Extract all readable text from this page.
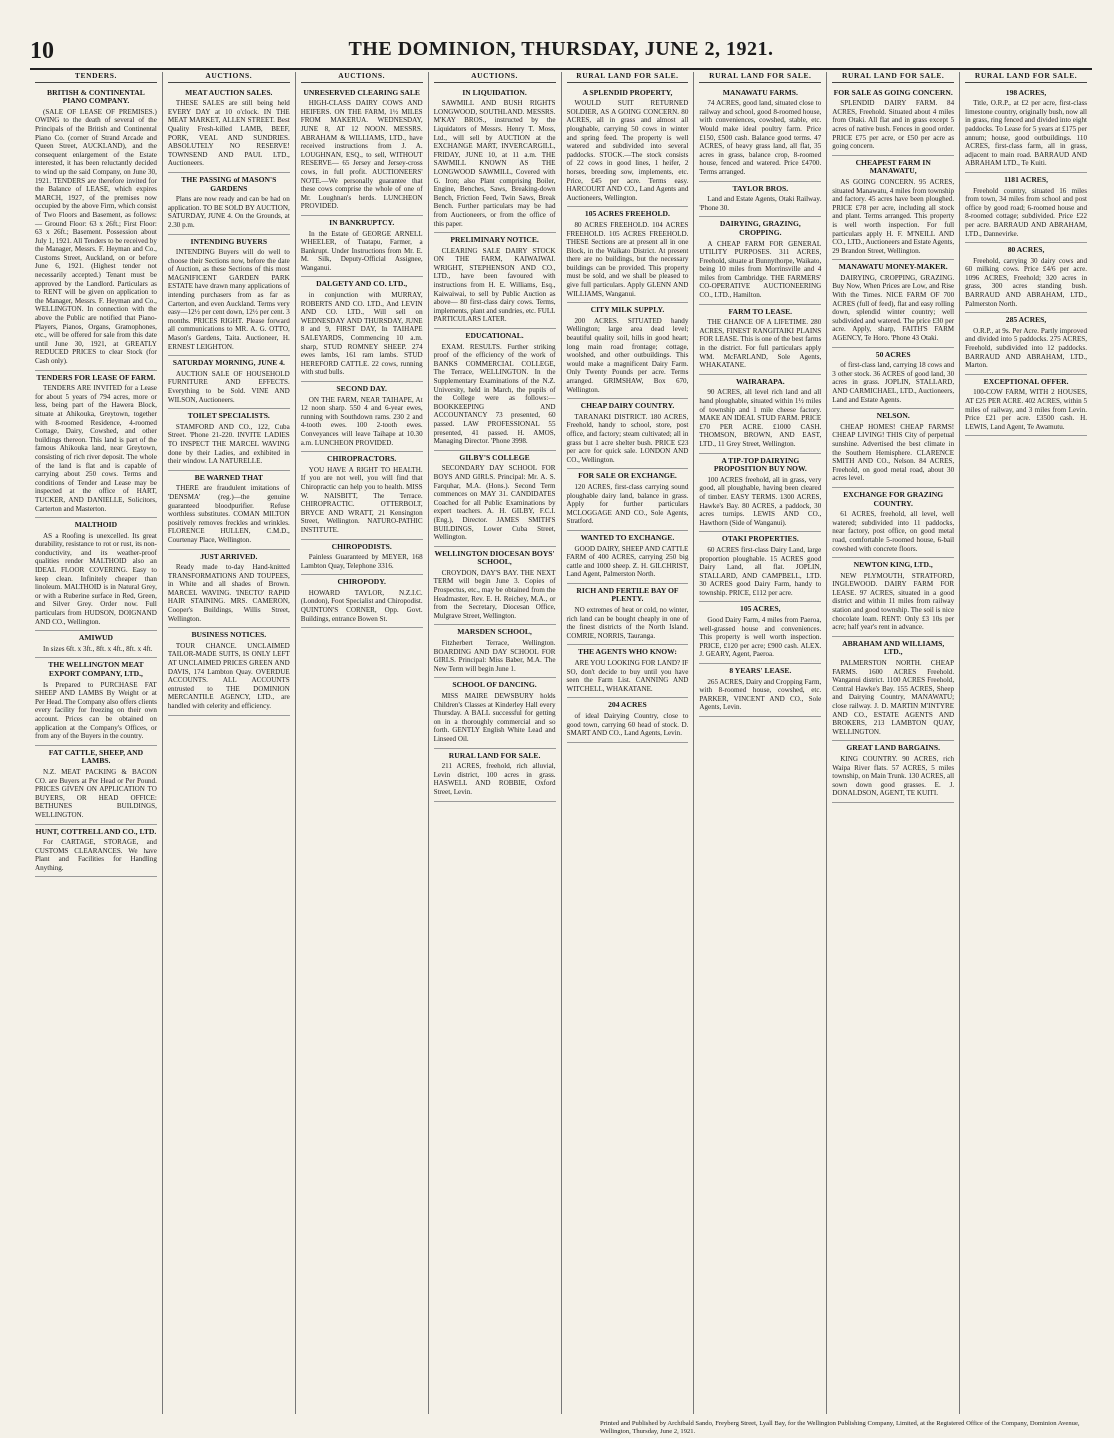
10	THE DOMINION, THURSDAY, JUNE 2, 1921.
TENDERS.
BRITISH & CONTINENTAL PIANO COMPANY.
(SALE OF LEASE OF PREMISES.) OWING to the death of several of the Principals of the British and Continental Piano Co. (corner of Strand Arcade and Queen Street, AUCKLAND), and the consequent enlargement of the Estate interested, it has been reluctantly decided to wind up the said Company, on June 30, 1921. TENDERS are therefore invited for the Balance of LEASE, which expires MARCH, 1927, of the premises now occupied by the above Firm, which consist of Two Floors and Basement, as follows:— Ground Floor: 63 x 26ft.; First Floor: 63 x 26ft.; Basement. Possession about July 1, 1921. All Tenders to be received by the Manager, Messrs. F. Heyman and Co., Customs Street, Auckland, on or before June 6, 1921. (Highest tender not necessarily accepted.) Tenant must be approved by the Landlord. Particulars as to RENT will be given on application to the Manager, Messrs. F. Heyman and Co., WELLINGTON. In connection with the above the Public are notified that Piano-Players, Pianos, Organs, Gramophones, etc., will be offered for sale from this date until June 30, 1921, at GREATLY REDUCED PRICES to clear Stock (for Cash only).
TENDERS FOR LEASE OF FARM.
TENDERS ARE INVITED for a Lease for about 5 years of 794 acres, more or less, being part of the Hawera Block, situate at Ahikouka, Greytown, together with 8-roomed Residence, 4-roomed Cottage, Dairy, Cowshed, and other buildings thereon. This land is part of the famous Ahikouka land, near Greytown, consisting of rich river deposit. The whole of the land is flat and is capable of carrying about 250 cows. Terms and conditions of Tender and Lease may be inspected at the office of HART, TUCKER, AND DANIELLE, Solicitors, Carterton and Masterton.
MALTHOID
AS a Roofing is unexcelled. Its great durability, resistance to rot or rust, its non-conductivity, and its weather-proof qualities render MALTHOID also an IDEAL FLOOR COVERING. Easy to keep clean. Infinitely cheaper than linoleum. MALTHOID is in Natural Grey, or with a Ruberine surface in Red, Green, and Silver Grey. Order now. Full particulars from HUDSON, DOIGNAND AND CO., Wellington.
AMIWUD
In sizes 6ft. x 3ft., 8ft. x 4ft., 8ft. x 4ft.
THE WELLINGTON MEAT EXPORT COMPANY, LTD.,
Is Prepared to PURCHASE FAT SHEEP AND LAMBS By Weight or at Per Head. The Company also offers clients every facility for freezing on their own account. Prices can be obtained on application at the Company's Offices, or from any of the Buyers in the country.
FAT CATTLE, SHEEP, AND LAMBS.
N.Z. MEAT PACKING & BACON CO. are Buyers at Per Head or Per Pound. PRICES GIVEN ON APPLICATION TO BUYERS, OR HEAD OFFICE: BETHUNES BUILDINGS, WELLINGTON.
HUNT, COTTRELL AND CO., LTD.
For CARTAGE, STORAGE, and CUSTOMS CLEARANCES. We have Plant and Facilities for Handling Anything.
AUCTIONS.
MEAT AUCTION SALES.
THESE SALES are still being held EVERY DAY at 10 o'clock. IN THE MEAT MARKET, ALLEN STREET. Best Quality Fresh-killed LAMB, BEEF, PORK, VEAL AND SUNDRIES. ABSOLUTELY NO RESERVE! TOWNSEND AND PAUL LTD., Auctioneers.
THE PASSING of MASON'S GARDENS
Plans are now ready and can be had on application. TO BE SOLD BY AUCTION, SATURDAY, JUNE 4. On the Grounds, at 2.30 p.m.
INTENDING BUYERS
INTENDING Buyers will do well to choose their Sections now, before the date of Auction, as these Sections of this most MAGNIFICENT GARDEN PARK ESTATE have drawn many applications of intending purchasers from as far as Carterton, and even Auckland. Terms very easy—12½ per cent down, 12½ per cent. 3 months. PRICES RIGHT. Please forward all communications to MR. A. G. OTTO, Mason's Gardens, Taita. Auctioneer, H. ERNEST LEIGHTON.
SATURDAY MORNING, JUNE 4.
AUCTION SALE OF HOUSEHOLD FURNITURE AND EFFECTS. Everything to be Sold. VINE AND WILSON, Auctioneers.
TOILET SPECIALISTS.
STAMFORD AND CO., 122, Cuba Street. 'Phone 21-220. INVITE LADIES TO INSPECT THE MARCEL WAVING done by their Ladies, and exhibited in their window. LA NATURELLE.
BE WARNED THAT
THERE are fraudulent imitations of 'DENSMA' (reg.)—the genuine guaranteed bloodpurifier. Refuse worthless substitutes. COMAN MILTON positively removes freckles and wrinkles. FLORENCE HULLEN, C.M.D., Courtenay Place, Wellington.
JUST ARRIVED.
Ready made to-day Hand-knitted TRANSFORMATIONS AND TOUPEES, in White and all shades of Brown. MARCEL WAVING. 'INECTO' RAPID HAIR STAINING. MRS. CAMERON, Cooper's Buildings, Willis Street, Wellington.
BUSINESS NOTICES.
TOUR CHANCE. UNCLAIMED TAILOR-MADE SUITS, IS ONLY LEFT AT UNCLAIMED PRICES GREEN AND DAVIS, 174 Lambton Quay. OVERDUE ACCOUNTS. ALL ACCOUNTS entrusted to THE DOMINION MERCANTILE AGENCY, LTD., are handled with celerity and efficiency.
AUCTIONS.
UNRESERVED CLEARING SALE
HIGH-CLASS DAIRY COWS AND HEIFERS. ON THE FARM, 1½ MILES FROM MAKERUA. WEDNESDAY, JUNE 8, AT 12 NOON. MESSRS. ABRAHAM & WILLIAMS, LTD., have received instructions from J. A. LOUGHNAN, ESQ., to sell, WITHOUT RESERVE— 65 Jersey and Jersey-cross cows, in full profit. AUCTIONEERS' NOTE.—We personally guarantee that these cows comprise the whole of one of Mr. Loughnan's herds. LUNCHEON PROVIDED.
IN BANKRUPTCY.
In the Estate of GEORGE ARNELL WHEELER, of Tuatapu, Farmer, a Bankrupt. Under Instructions from Mr. E. M. Silk, Deputy-Official Assignee, Wanganui.
DALGETY AND CO. LTD.,
in conjunction with MURRAY, ROBERTS AND CO. LTD., And LEVIN AND CO. LTD., Will sell on WEDNESDAY AND THURSDAY, JUNE 8 and 9, FIRST DAY, In TAIHAPE SALEYARDS, Commencing 10 a.m. sharp, STUD ROMNEY SHEEP. 274 ewes lambs, 161 ram lambs. STUD HEREFORD CATTLE. 22 cows, running with stud bulls.
SECOND DAY.
ON THE FARM, NEAR TAIHAPE, At 12 noon sharp. 550 4 and 6-year ewes, running with Southdown rams. 230 2 and 4-tooth ewes. 100 2-tooth ewes. Conveyances will leave Taihape at 10.30 a.m. LUNCHEON PROVIDED.
CHIROPRACTORS.
YOU HAVE A RIGHT TO HEALTH. If you are not well, you will find that Chiropractic can help you to health. MISS W. NAISBITT, The Terrace. CHIROPRACTIC. OTTERBOLT, BRYCE AND WRATT, 21 Kensington Street, Wellington. NATURO-PATHIC INSTITUTE.
CHIROPODISTS.
Painless Guaranteed by MEYER, 168 Lambton Quay, Telephone 3316.
CHIROPODY.
HOWARD TAYLOR, N.Z.I.C. (London), Foot Specialist and Chiropodist. QUINTON'S CORNER, Opp. Govt. Buildings, entrance Bowen St.
AUCTIONS.
IN LIQUIDATION.
SAWMILL AND BUSH RIGHTS LONGWOOD, SOUTHLAND. MESSRS. M'KAY BROS., instructed by the Liquidators of Messrs. Henry T. Moss, Ltd., will sell by AUCTION at the EXCHANGE MART, INVERCARGILL, FRIDAY, JUNE 10, at 11 a.m. THE SAWMILL KNOWN AS THE LONGWOOD SAWMILL, Covered with G. Iron; also Plant comprising Boiler, Engine, Benches, Saws, Breaking-down Bench, Friction Feed, Twin Saws, Break Bench. Further particulars may be had from Auctioneers, or from the office of this paper.
PRELIMINARY NOTICE.
CLEARING SALE DAIRY STOCK ON THE FARM, KAIWAIWAI. WRIGHT, STEPHENSON AND CO., LTD., have been favoured with instructions from H. E. Williams, Esq., Kaiwaiwai, to sell by Public Auction as above— 80 first-class dairy cows. Terms, implements, plant and sundries, etc. FULL PARTICULARS LATER.
EDUCATIONAL.
EXAM. RESULTS. Further striking proof of the efficiency of the work of BANKS COMMERCIAL COLLEGE, The Terrace, WELLINGTON. In the Supplementary Examinations of the N.Z. University, held in March, the pupils of the College were as follows:— BOOKKEEPING AND ACCOUNTANCY 73 presented, 60 passed. LAW PROFESSIONAL 55 presented, 41 passed. H. AMOS, Managing Director. 'Phone 3998.
GILBY'S COLLEGE
SECONDARY DAY SCHOOL FOR BOYS AND GIRLS. Principal: Mr. A. S. Farquhar, M.A. (Hons.). Second Term commences on MAY 31. CANDIDATES Coached for all Public Examinations by expert teachers. A. H. GILBY, F.C.I. (Eng.), Director. JAMES SMITH'S BUILDINGS, Lower Cuba Street, Wellington.
WELLINGTON DIOCESAN BOYS' SCHOOL,
CROYDON, DAY'S BAY. THE NEXT TERM will begin June 3. Copies of Prospectus, etc., may be obtained from the Headmaster, Rev. E. H. Reichey, M.A., or from the Secretary, Diocesan Office, Mulgrave Street, Wellington.
MARSDEN SCHOOL,
Fitzherbert Terrace, Wellington. BOARDING AND DAY SCHOOL FOR GIRLS. Principal: Miss Baber, M.A. The New Term will begin June 1.
SCHOOL OF DANCING.
MISS MAIRE DEWSBURY holds Children's Classes at Kinderley Hall every Thursday. A BALL successful for getting on in a thoroughly commercial and so forth. GENTLY English White Lead and Linseed Oil.
RURAL LAND FOR SALE.
211 ACRES, freehold, rich alluvial, Levin district, 100 acres in grass. HASWELL AND ROBBIE, Oxford Street, Levin.
RURAL LAND FOR SALE.
A SPLENDID PROPERTY,
WOULD SUIT RETURNED SOLDIER, AS A GOING CONCERN. 80 ACRES, all in grass and almost all ploughable, carrying 50 cows in winter and spring feed. The property is well watered and subdivided into several paddocks. STOCK.—The stock consists of 22 cows in good lines, 1 heifer, 2 horses, breeding sow, implements, etc. Price, £45 per acre. Terms easy. HARCOURT AND CO., Land Agents and Auctioneers, Wellington.
105 ACRES FREEHOLD.
80 ACRES FREEHOLD. 104 ACRES FREEHOLD. 105 ACRES FREEHOLD. THESE Sections are at present all in one Block, in the Waikato District. At present there are no buildings, but the necessary buildings can be provided. This property must be sold, and we shall be pleased to give full particulars. Apply GLENN AND WILLIAMS, Wanganui.
CITY MILK SUPPLY.
200 ACRES. SITUATED handy Wellington; large area dead level; beautiful quality soil, hills in good heart; long main road frontage; cottage, woolshed, and other outbuildings. This would make a magnificent Dairy Farm. Only Twenty Pounds per acre. Terms arranged. GRIMSHAW, Box 670, Wellington.
CHEAP DAIRY COUNTRY.
TARANAKI DISTRICT. 180 ACRES, Freehold, handy to school, store, post office, and factory; steam cultivated; all in grass but 1 acre shelter bush. PRICE £23 per acre for quick sale. LONDON AND CO., Wellington.
FOR SALE OR EXCHANGE.
120 ACRES, first-class carrying sound ploughable dairy land, balance in grass. Apply for further particulars MCLOGGAGE AND CO., Sole Agents, Stratford.
WANTED TO EXCHANGE.
GOOD DAIRY, SHEEP AND CATTLE FARM of 400 ACRES, carrying 250 big cattle and 1000 sheep. Z. H. GILCHRIST, Land Agent, Palmerston North.
RICH AND FERTILE BAY OF PLENTY.
NO extremes of heat or cold, no winter, rich land can be bought cheaply in one of the finest districts of the North Island. COMRIE, NORRIS, Tauranga.
THE AGENTS WHO KNOW:
ARE YOU LOOKING FOR LAND? IF SO, don't decide to buy until you have seen the Farm List. CANNING AND WITCHELL, WHAKATANE.
204 ACRES
of ideal Dairying Country, close to good town, carrying 60 head of stock. D. SMART AND CO., Land Agents, Levin.
RURAL LAND FOR SALE.
MANAWATU FARMS.
74 ACRES, good land, situated close to railway and school, good 8-roomed house, with conveniences, cowshed, stable, etc. Would make ideal poultry farm. Price £150, £500 cash. Balance good terms. 47 ACRES, of heavy grass land, all flat, 35 acres in grass, balance crop, 8-roomed house, fenced and watered. Price £4700. Terms arranged.
TAYLOR BROS.
Land and Estate Agents, Otaki Railway. 'Phone 30.
DAIRYING, GRAZING, CROPPING.
A CHEAP FARM FOR GENERAL UTILITY PURPOSES. 311 ACRES, Freehold, situate at Bunnythorpe, Waikato, being 10 miles from Morrinsville and 4 miles from Cambridge. THE FARMERS' CO-OPERATIVE AUCTIONEERING CO., LTD., Hamilton.
FARM TO LEASE.
THE CHANCE OF A LIFETIME. 280 ACRES, FINEST RANGITAIKI PLAINS FOR LEASE. This is one of the best farms in the district. For full particulars apply WM. McFARLAND, Sole Agents, WHAKATANE.
WAIRARAPA.
90 ACRES, all level rich land and all hand ploughable, situated within 1½ miles of township and 1 mile cheese factory. MAKE AN IDEAL STUD FARM. PRICE £70 PER ACRE. £1000 CASH. THOMSON, BROWN, AND EAST, LTD., 11 Grey Street, Wellington.
A TIP-TOP DAIRYING PROPOSITION BUY NOW.
100 ACRES freehold, all in grass, very good, all ploughable, having been cleared of timber. EASY TERMS. 1300 ACRES, Hawke's Bay. 80 ACRES, a paddock, 30 acres turnips. LEWIS AND CO., Hawthorn (Side of Wanganui).
OTAKI PROPERTIES.
60 ACRES first-class Dairy Land, large proportion ploughable. 15 ACRES good Dairy Land, all flat. JOPLIN, STALLARD, AND CAMPBELL, LTD. 30 ACRES good Dairy Farm, handy to township. PRICE, £112 per acre.
105 ACRES,
Good Dairy Farm, 4 miles from Paeroa, well-grassed house and conveniences. This property is well worth inspection. PRICE, £120 per acre; £900 cash. ALEX. J. GEARY, Agent, Paeroa.
8 YEARS' LEASE.
265 ACRES, Dairy and Cropping Farm, with 8-roomed house, cowshed, etc. PARKER, VINCENT AND CO., Sole Agents, Levin.
RURAL LAND FOR SALE.
FOR SALE AS GOING CONCERN.
SPLENDID DAIRY FARM. 84 ACRES, Freehold. Situated about 4 miles from Otaki. All flat and in grass except 5 acres of native bush. Fences in good order. PRICE £75 per acre, or £50 per acre as going concern.
CHEAPEST FARM IN MANAWATU,
AS GOING CONCERN. 95 ACRES, situated Manawatu, 4 miles from township and factory. 45 acres have been ploughed. PRICE £78 per acre, including all stock and plant. Terms arranged. This property is well worth inspection. For full particulars apply H. F. M'NEILL AND CO., LTD., Auctioneers and Estate Agents, 29 Brandon Street, Wellington.
MANAWATU MONEY-MAKER.
DAIRYING, CROPPING, GRAZING. Buy Now, When Prices are Low, and Rise With the Times. NICE FARM OF 700 ACRES (full of feed), flat and easy rolling down, splendid winter country; well subdivided and watered. The price £30 per acre. Apply, sharp, FAITH'S FARM AGENCY, Te Horo. 'Phone 43 Otaki.
50 ACRES
of first-class land, carrying 18 cows and 3 other stock. 36 ACRES of good land, 30 acres in grass. JOPLIN, STALLARD, AND CARMICHAEL, LTD., Auctioneers, Land and Estate Agents.
NELSON.
CHEAP HOMES! CHEAP FARMS! CHEAP LIVING! THIS City of perpetual sunshine. Advertised the best climate in the Southern Hemisphere. CLARENCE SMITH AND CO., Nelson. 84 ACRES, Freehold, on good metal road, about 30 acres level.
EXCHANGE FOR GRAZING COUNTRY.
61 ACRES, freehold, all level, well watered; subdivided into 11 paddocks, near factory, post office, on good metal road, comfortable 5-roomed house, 6-bail cowshed with concrete floors.
NEWTON KING, LTD.,
NEW PLYMOUTH, STRATFORD, INGLEWOOD. DAIRY FARM FOR LEASE. 97 ACRES, situated in a good district and within 11 miles from railway station and good township. The soil is nice chocolate loam. RENT: Only £3 10s per acre; half year's rent in advance.
ABRAHAM AND WILLIAMS, LTD.,
PALMERSTON NORTH. CHEAP FARMS. 1600 ACRES Freehold. Wanganui district. 1100 ACRES Freehold, Central Hawke's Bay. 155 ACRES, Sheep and Dairying Country, MANAWATU; close railway. J. D. MARTIN M'INTYRE AND CO., ESTATE AGENTS AND BROKERS, 213 LAMBTON QUAY, WELLINGTON.
GREAT LAND BARGAINS.
KING COUNTRY. 90 ACRES, rich Waipa River flats. 57 ACRES, 5 miles township, on Main Trunk. 130 ACRES, all sown down good grasses. E. J. DONALDSON, AGENT, TE KUITI.
RURAL LAND FOR SALE.
198 ACRES,
Title, O.R.P., at £2 per acre, first-class limestone country, originally bush, now all in grass, ring fenced and divided into eight paddocks. To Lease for 5 years at £175 per annum; house, good outbuildings. 110 ACRES, first-class farm, all in grass, adjacent to main road. BARRAUD AND ABRAHAM LTD., Te Kuiti.
1181 ACRES,
Freehold country, situated 16 miles from town, 34 miles from school and post office by good road; 6-roomed house and 8-roomed cottage; subdivided. Price £22 per acre. BARRAUD AND ABRAHAM, LTD., Dannevirke.
80 ACRES,
Freehold, carrying 30 dairy cows and 60 milking cows. Price £4/6 per acre. 1096 ACRES, Freehold; 320 acres in grass, 300 acres standing bush. BARRAUD AND ABRAHAM, LTD., Palmerston North.
285 ACRES,
O.R.P., at 9s. Per Acre. Partly improved and divided into 5 paddocks. 275 ACRES, Freehold, subdivided into 12 paddocks. BARRAUD AND ABRAHAM, LTD., Marton.
EXCEPTIONAL OFFER.
100-COW FARM, WITH 2 HOUSES, AT £25 PER ACRE. 402 ACRES, within 5 miles of railway, and 3 miles from Levin. Price £21 per acre. £3500 cash. H. LEWIS, Land Agent, Te Awamutu.
Printed and Published by Archibald Sando, Freyberg Street, Lyall Bay, for the Wellington Publishing Company, Limited, at the Registered Office of the Company, Dominion Avenue, Wellington, Thursday, June 2, 1921.
